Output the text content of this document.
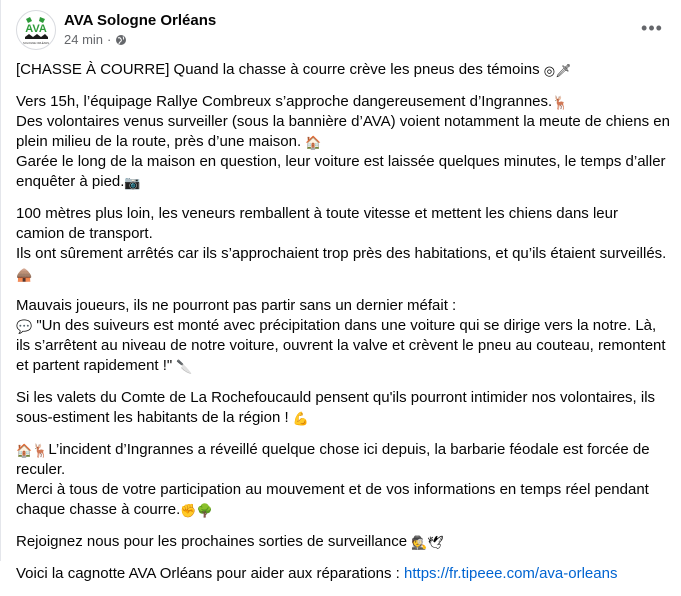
AVA
SOLOGNE ORLÉANS
AVA Sologne Orléans
24 min ·
•••

[CHASSE À COURRE] Quand la chasse à courre crève les pneus des témoins ◎🗡

Vers 15h, l’équipage Rallye Combreux s’approche dangereusement d’Ingrannes.🦌
Des volontaires venus surveiller (sous la bannière d’AVA) voient notamment la meute de chiens en plein milieu de la route, près d’une maison. 🏠
Garée le long de la maison en question, leur voiture est laissée quelques minutes, le temps d’aller enquêter à pied.📷

100 mètres plus loin, les veneurs remballent à toute vitesse et mettent les chiens dans leur camion de transport.
Ils ont sûrement arrêtés car ils s’approchaient trop près des habitations, et qu’ils étaient surveillés.
🛖

Mauvais joueurs, ils ne pourront pas partir sans un dernier méfait :
💬 "Un des suiveurs est monté avec précipitation dans une voiture qui se dirige vers la notre. Là, ils s’arrêtent au niveau de notre voiture, ouvrent la valve et crèvent le pneu au couteau, remontent et partent rapidement !" 🔪

Si les valets du Comte de La Rochefoucauld pensent qu'ils pourront intimider nos volontaires, ils sous-estiment les habitants de la région ! 💪

🏠🦌L’incident d’Ingrannes a réveillé quelque chose ici depuis, la barbarie féodale est forcée de reculer.
Merci à tous de votre participation au mouvement et de vos informations en temps réel pendant chaque chasse à courre.✊🌳

Rejoignez nous pour les prochaines sorties de surveillance 🕵🕊

Voici la cagnotte AVA Orléans pour aider aux réparations : https://fr.tipeee.com/ava-orleans
